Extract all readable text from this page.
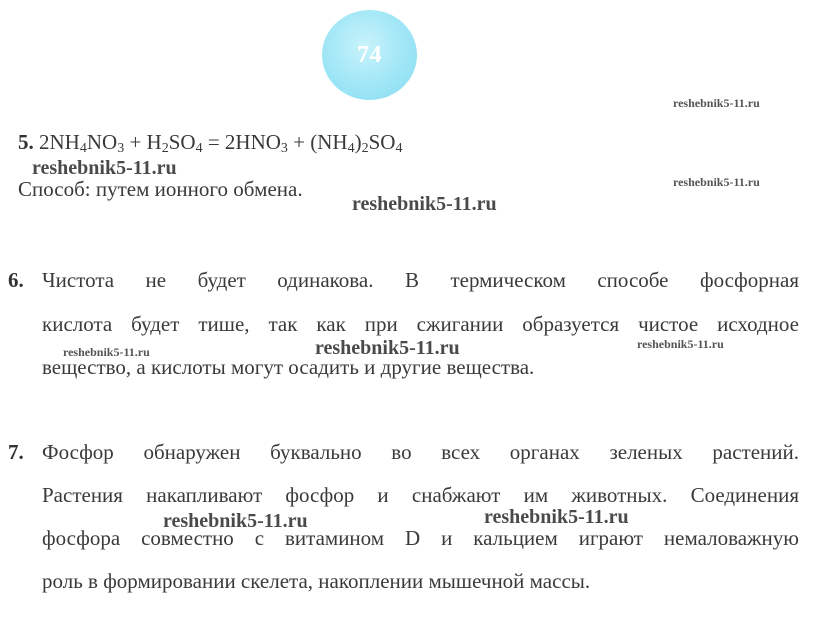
74
5. $2NH_4NO_3 + H_2SO_4 = 2HNO_3 + (NH_4)_2SO_4$
Способ: путем ионного обмена.
6. Чистота не будет одинакова. В термическом способе фосфорная
кислота будет тише, так как при сжигании образуется чистое исходное
вещество, а кислоты могут осадить и другие вещества.
7. Фосфор обнаружен буквально во всех органах зеленых растений.
Растения накапливают фосфор и снабжают им животных. Соединения
фосфора совместно с витамином D и кальцием играют немаловажную
роль в формировании скелета, накоплении мышечной массы.
reshebnik5-11.ru
reshebnik5-11.ru
reshebnik5-11.ru
reshebnik5-11.ru
reshebnik5-11.ru	reshebnik5-11.ru	reshebnik5-11.ru
reshebnik5-11.ru	reshebnik5-11.ru
